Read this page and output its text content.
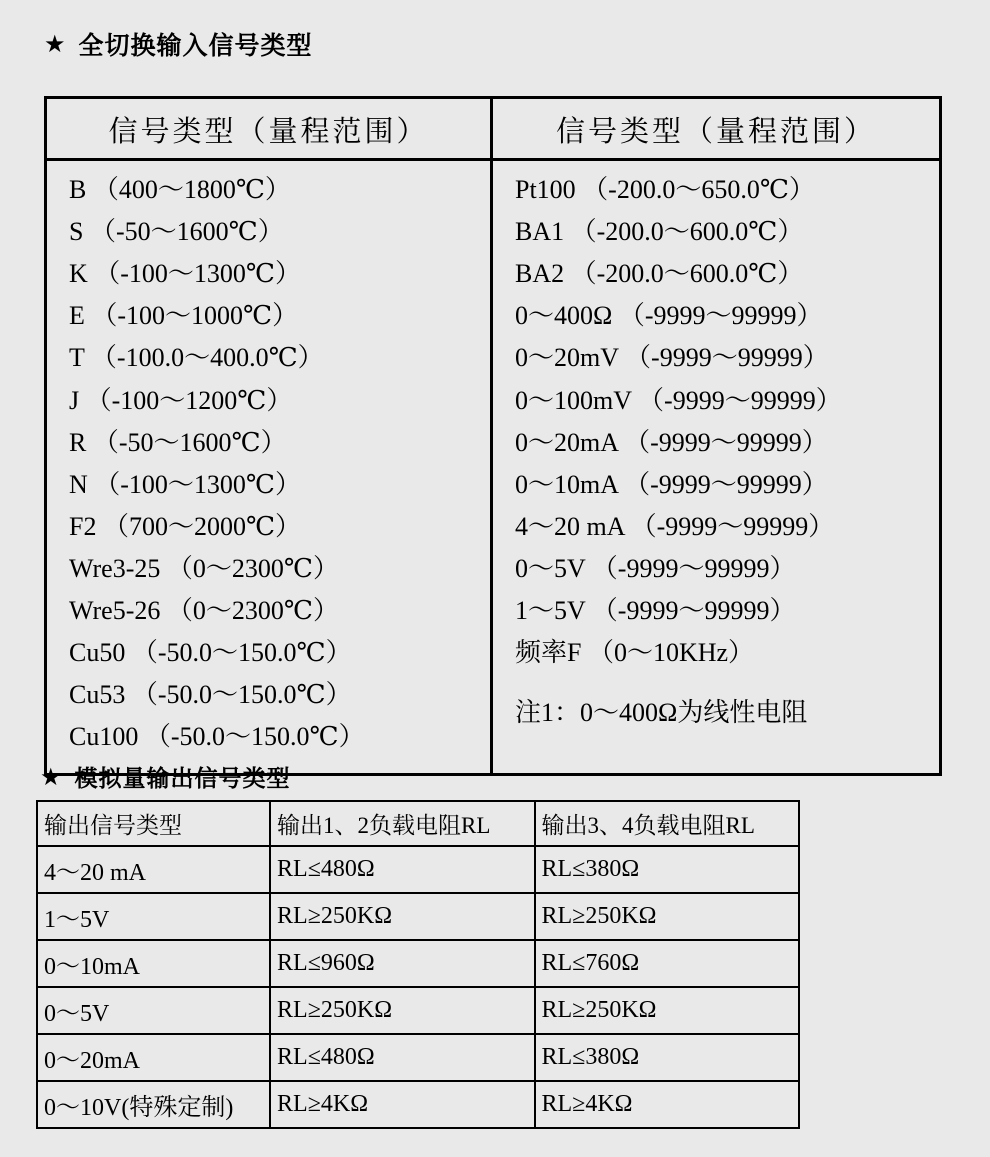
★ 全切换输入信号类型
信号类型（量程范围）
B （400～1800℃）
S （-50～1600℃）
K （-100～1300℃）
E （-100～1000℃）
T （-100.0～400.0℃）
J （-100～1200℃）
R （-50～1600℃）
N （-100～1300℃）
F2 （700～2000℃）
Wre3-25 （0～2300℃）
Wre5-26 （0～2300℃）
Cu50 （-50.0～150.0℃）
Cu53 （-50.0～150.0℃）
Cu100 （-50.0～150.0℃）
信号类型（量程范围）
Pt100 （-200.0～650.0℃）
BA1 （-200.0～600.0℃）
BA2 （-200.0～600.0℃）
0～400Ω （-9999～99999）
0～20mV （-9999～99999）
0～100mV （-9999～99999）
0～20mA （-9999～99999）
0～10mA （-9999～99999）
4～20 mA （-9999～99999）
0～5V （-9999～99999）
1～5V （-9999～99999）
频率F （0～10KHz）
注1：0～400Ω为线性电阻
★ 模拟量输出信号类型
输出信号类型	输出1、2负载电阻RL	输出3、4负载电阻RL
4～20 mA	RL≤480Ω	RL≤380Ω
1～5V	RL≥250KΩ	RL≥250KΩ
0～10mA	RL≤960Ω	RL≤760Ω
0～5V	RL≥250KΩ	RL≥250KΩ
0～20mA	RL≤480Ω	RL≤380Ω
0～10V(特殊定制)	RL≥4KΩ	RL≥4KΩ
